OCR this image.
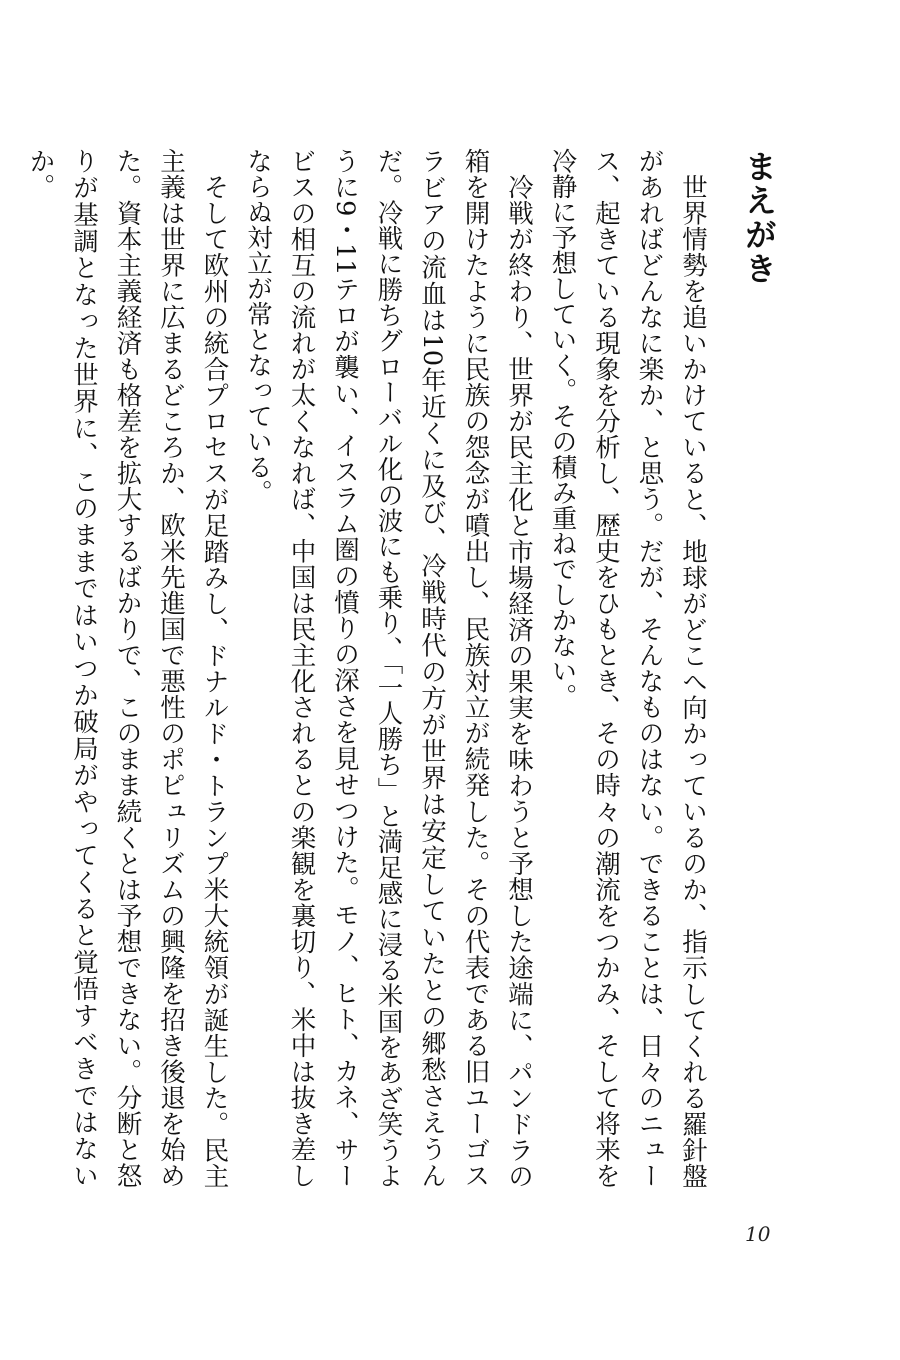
まえがき

世界情勢を追いかけていると、地球がどこへ向かっているのか、指示してくれる羅針盤があればどんなに楽か、と思う。だが、そんなものはない。できることは、日々のニュース、起きている現象を分析し、歴史をひもとき、その時々の潮流をつかみ、そして将来を冷静に予想していく。その積み重ねでしかない。

冷戦が終わり、世界が民主化と市場経済の果実を味わうと予想した途端に、パンドラの箱を開けたように民族の怨念が噴出し、民族対立が続発した。その代表である旧ユーゴスラビアの流血は10年近くに及び、冷戦時代の方が世界は安定していたとの郷愁さえうんだ。冷戦に勝ちグローバル化の波にも乗り、「一人勝ち」と満足感に浸る米国をあざ笑うように9・11テロが襲い、イスラム圏の憤りの深さを見せつけた。モノ、ヒト、カネ、サービスの相互の流れが太くなれば、中国は民主化されるとの楽観を裏切り、米中は抜き差しならぬ対立が常となっている。

そして欧州の統合プロセスが足踏みし、ドナルド・トランプ米大統領が誕生した。民主主義は世界に広まるどころか、欧米先進国で悪性のポピュリズムの興隆を招き後退を始めた。資本主義経済も格差を拡大するばかりで、このまま続くとは予想できない。分断と怒りが基調となった世界に、このままではいつか破局がやってくると覚悟すべきではないか。

10
